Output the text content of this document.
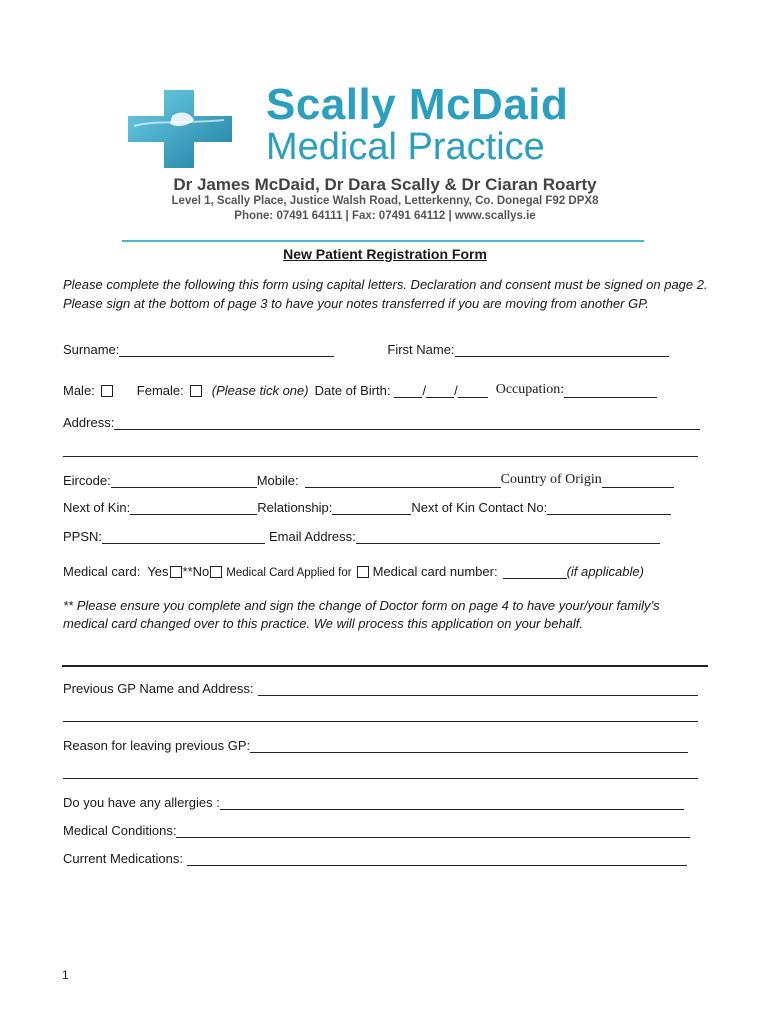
Scally McDaid
Medical Practice
Dr James McDaid, Dr Dara Scally & Dr Ciaran Roarty
Level 1, Scally Place, Justice Walsh Road, Letterkenny, Co. Donegal F92 DPX8
Phone: 07491 64111 | Fax: 07491 64112 | www.scallys.ie
New Patient Registration Form
Please complete the following this form using capital letters. Declaration and consent must be signed on page 2. Please sign at the bottom of page 3 to have your notes transferred if you are moving from another GP.
Surname:	First Name:
Male:	Female: (Please tick one) Date of Birth: / /	Occupation:
Address:
Eircode:	Mobile:	Country of Origin
Next of Kin:	Relationship:	Next of Kin Contact No:
PPSN:	Email Address:
Medical card: Yes **No Medical Card Applied for Medical card number:	(if applicable)
** Please ensure you complete and sign the change of Doctor form on page 4 to have your/your family’s medical card changed over to this practice. We will process this application on your behalf.
Previous GP Name and Address:
Reason for leaving previous GP:
Do you have any allergies :
Medical Conditions:
Current Medications:
1
